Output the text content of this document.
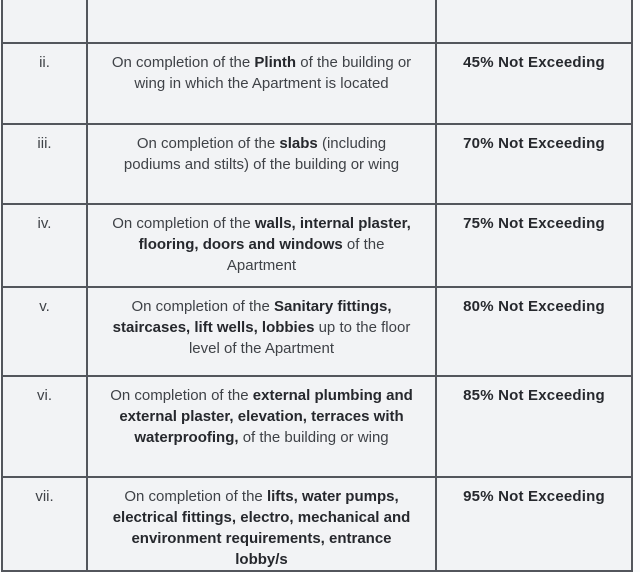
ii.	On completion of the Plinth of the building or wing in which the Apartment is located	45% Not Exceeding
iii.	On completion of the slabs (including podiums and stilts) of the building or wing	70% Not Exceeding
iv.	On completion of the walls, internal plaster, flooring, doors and windows of the Apartment	75% Not Exceeding
v.	On completion of the Sanitary fittings, staircases, lift wells, lobbies up to the floor level of the Apartment	80% Not Exceeding
vi.	On completion of the external plumbing and external plaster, elevation, terraces with waterproofing, of the building or wing	85% Not Exceeding
vii.	On completion of the lifts, water pumps, electrical fittings, electro, mechanical and environment requirements, entrance lobby/s	95% Not Exceeding
